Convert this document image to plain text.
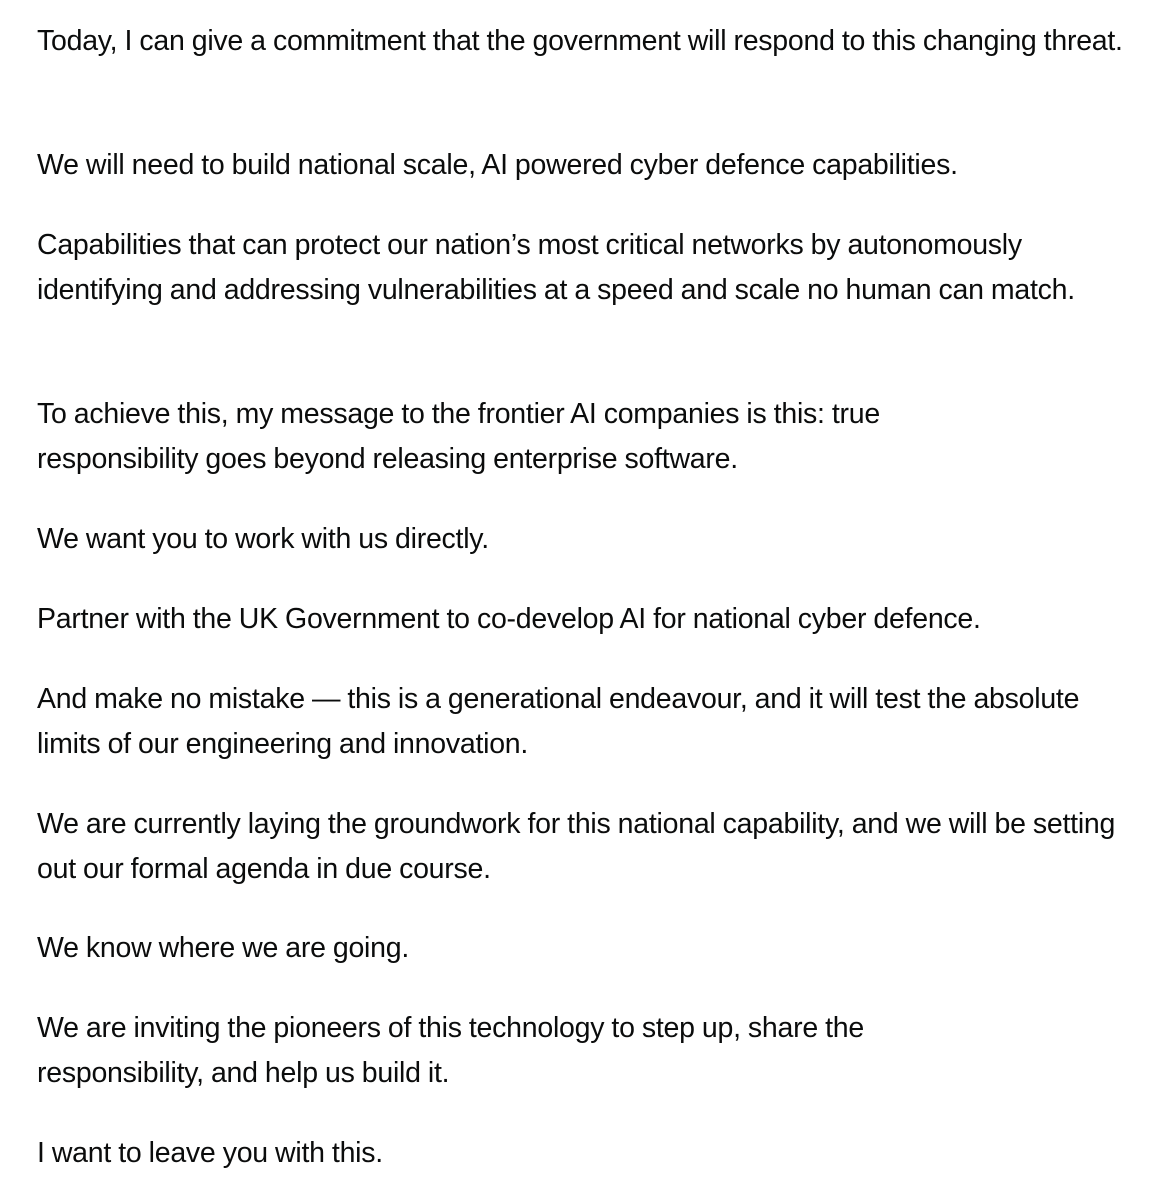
Today, I can give a commitment that the government will respond to this changing threat.

We will need to build national scale, AI powered cyber defence capabilities.

Capabilities that can protect our nation’s most critical networks by autonomously identifying and addressing vulnerabilities at a speed and scale no human can match.

To achieve this, my message to the frontier AI companies is this: true responsibility goes beyond releasing enterprise software.

We want you to work with us directly.

Partner with the UK Government to co-develop AI for national cyber defence.

And make no mistake — this is a generational endeavour, and it will test the absolute limits of our engineering and innovation.

We are currently laying the groundwork for this national capability, and we will be setting out our formal agenda in due course.

We know where we are going.

We are inviting the pioneers of this technology to step up, share the responsibility, and help us build it.

I want to leave you with this.
